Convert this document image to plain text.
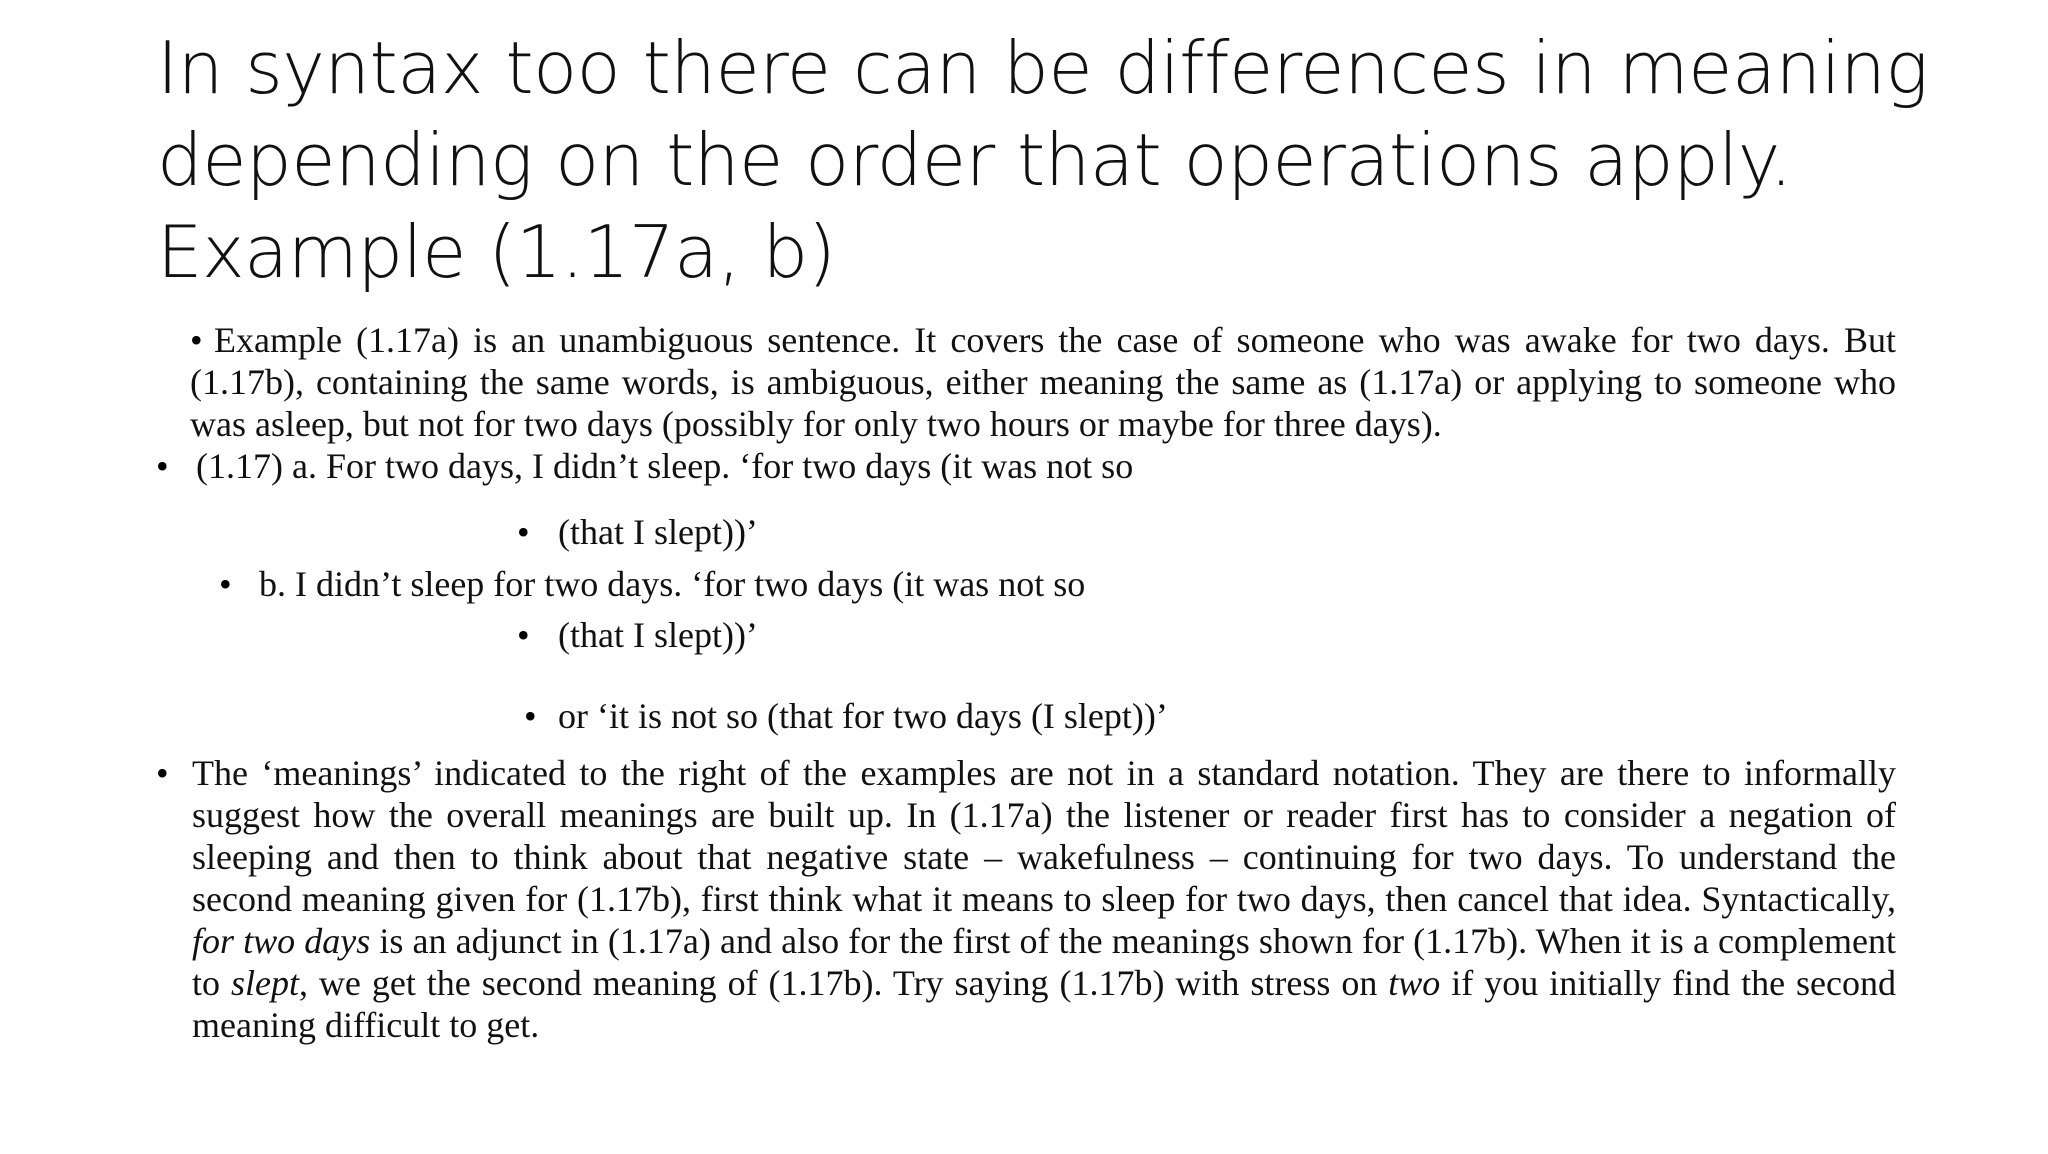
In syntax too there can be differences in meaning
depending on the order that operations apply.
Example (1.17a, b)
• Example (1.17a) is an unambiguous sentence. It covers the case of someone who was awake for two days. But (1.17b), containing the same words, is ambiguous, either meaning the same as (1.17a) or applying to someone who was asleep, but not for two days (possibly for only two hours or maybe for three days).
• (1.17) a. For two days, I didn’t sleep. ‘for two days (it was not so
• (that I slept))’
• b. I didn’t sleep for two days. ‘for two days (it was not so
• (that I slept))’
• or ‘it is not so (that for two days (I slept))’
• The ‘meanings’ indicated to the right of the examples are not in a standard notation. They are there to informally suggest how the overall meanings are built up. In (1.17a) the listener or reader first has to consider a negation of sleeping and then to think about that negative state – wakefulness – continuing for two days. To understand the second meaning given for (1.17b), first think what it means to sleep for two days, then cancel that idea. Syntactically, for two days is an adjunct in (1.17a) and also for the first of the meanings shown for (1.17b). When it is a complement to slept, we get the second meaning of (1.17b). Try saying (1.17b) with stress on two if you initially find the second meaning difficult to get.
